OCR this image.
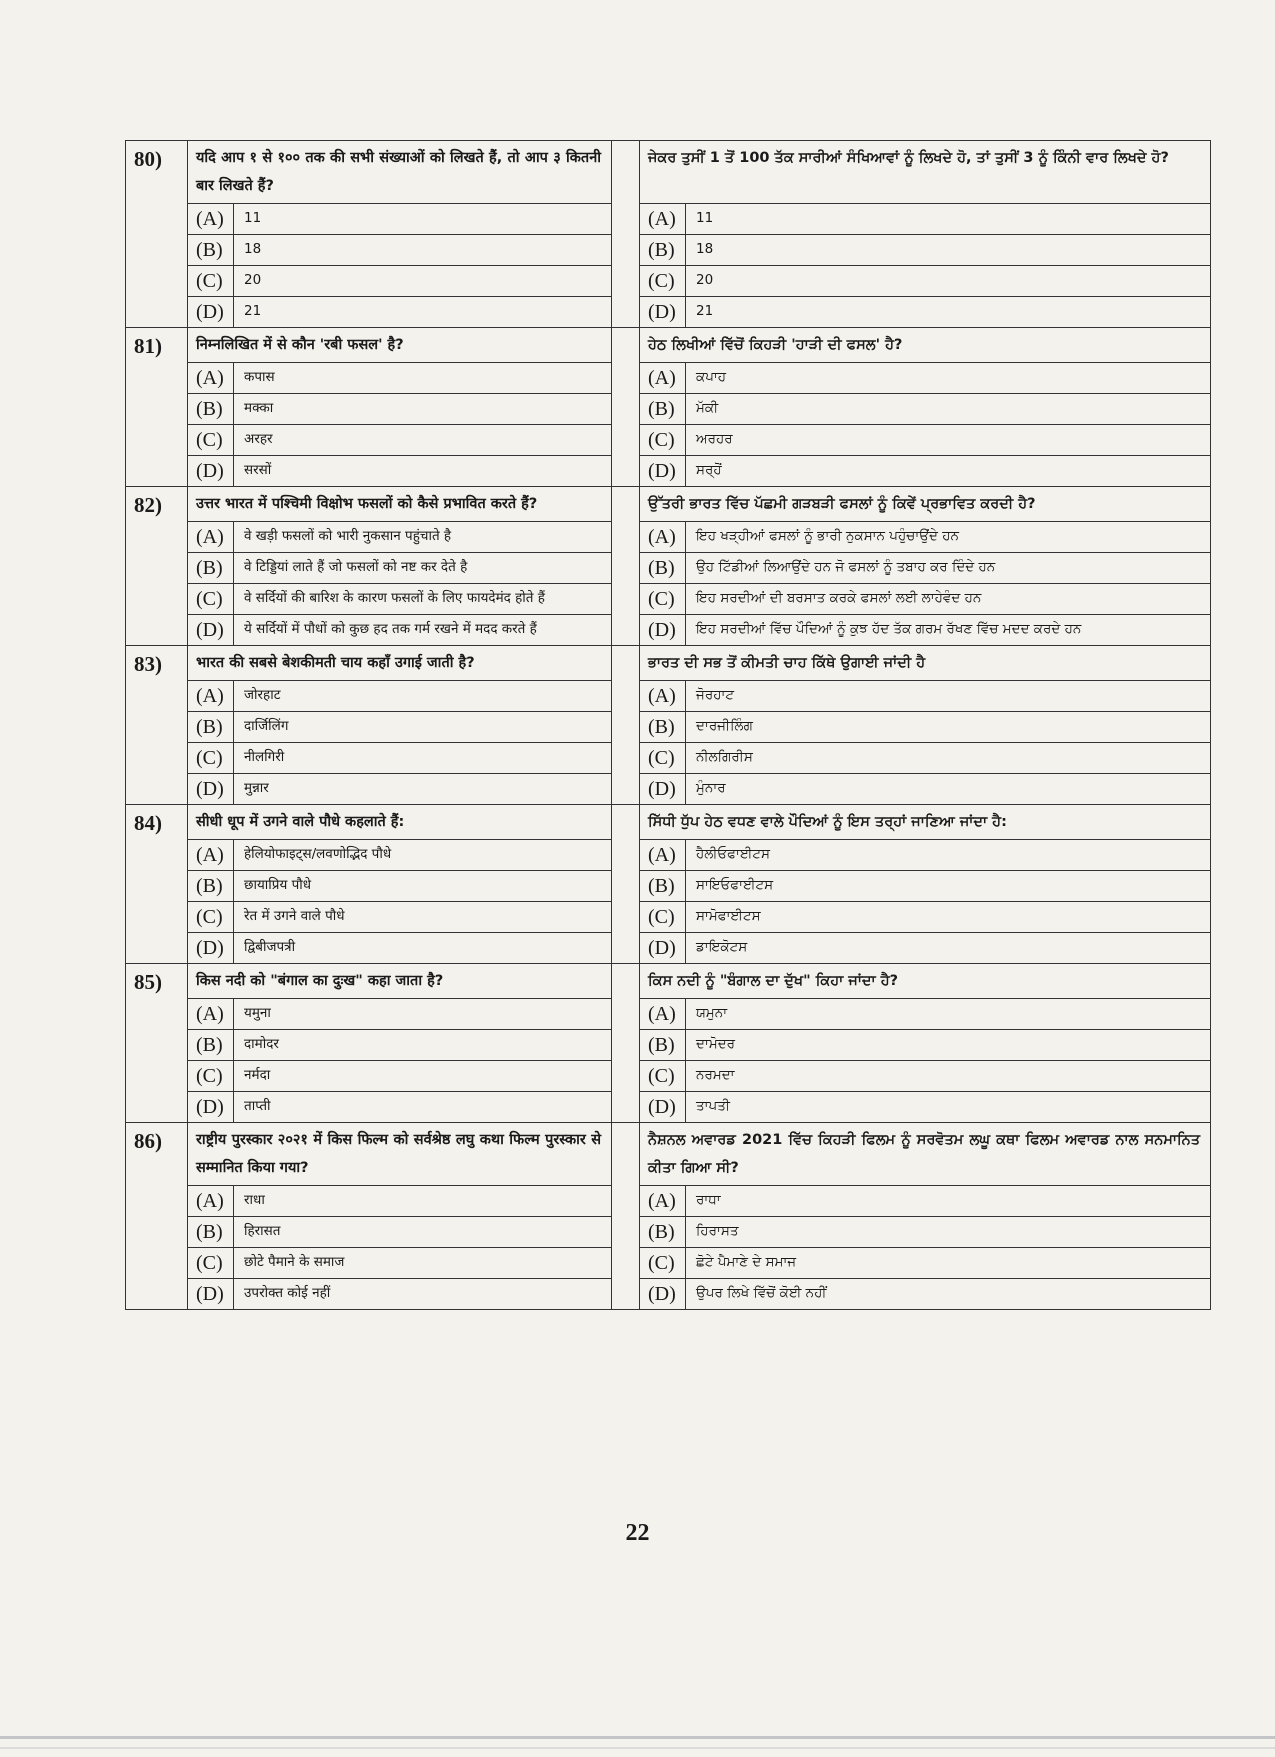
80)	यदि आप १ से १०० तक की सभी संख्याओं को लिखते हैं, तो आप ३ कितनी बार लिखते हैं?			ਜੇਕਰ ਤੁਸੀਂ 1 ਤੋਂ 100 ਤੱਕ ਸਾਰੀਆਂ ਸੰਖਿਆਵਾਂ ਨੂੰ ਲਿਖਦੇ ਹੋ, ਤਾਂ ਤੁਸੀਂ 3 ਨੂੰ ਕਿੰਨੀ ਵਾਰ ਲਿਖਦੇ ਹੋ?	
	(A)	11		(A)	11
	(B)	18		(B)	18
	(C)	20		(C)	20
	(D)	21		(D)	21
81)	निम्नलिखित में से कौन 'रबी फसल' है?			ਹੇਠ ਲਿਖੀਆਂ ਵਿੱਚੋਂ ਕਿਹੜੀ 'ਹਾੜੀ ਦੀ ਫਸਲ' ਹੈ?	
	(A)	कपास		(A)	ਕਪਾਹ
	(B)	मक्का		(B)	ਮੱਕੀ
	(C)	अरहर		(C)	ਅਰਹਰ
	(D)	सरसों		(D)	ਸਰ੍ਹੋਂ
82)	उत्तर भारत में पश्चिमी विक्षोभ फसलों को कैसे प्रभावित करते हैं?			ਉੱਤਰੀ ਭਾਰਤ ਵਿੱਚ ਪੱਛਮੀ ਗੜਬੜੀ ਫਸਲਾਂ ਨੂੰ ਕਿਵੇਂ ਪ੍ਰਭਾਵਿਤ ਕਰਦੀ ਹੈ?	
	(A)	वे खड़ी फसलों को भारी नुकसान पहुंचाते है		(A)	ਇਹ ਖੜ੍ਹੀਆਂ ਫਸਲਾਂ ਨੂੰ ਭਾਰੀ ਨੁਕਸਾਨ ਪਹੁੰਚਾਉਂਦੇ ਹਨ
	(B)	वे टिड्डियां लाते हैं जो फसलों को नष्ट कर देते है		(B)	ਉਹ ਟਿੱਡੀਆਂ ਲਿਆਉਂਦੇ ਹਨ ਜੋ ਫਸਲਾਂ ਨੂੰ ਤਬਾਹ ਕਰ ਦਿੰਦੇ ਹਨ
	(C)	वे सर्दियों की बारिश के कारण फसलों के लिए फायदेमंद होते हैं		(C)	ਇਹ ਸਰਦੀਆਂ ਦੀ ਬਰਸਾਤ ਕਰਕੇ ਫਸਲਾਂ ਲਈ ਲਾਹੇਵੰਦ ਹਨ
	(D)	ये सर्दियों में पौधों को कुछ हद तक गर्म रखने में मदद करते हैं		(D)	ਇਹ ਸਰਦੀਆਂ ਵਿੱਚ ਪੌਦਿਆਂ ਨੂੰ ਕੁਝ ਹੱਦ ਤੱਕ ਗਰਮ ਰੱਖਣ ਵਿੱਚ ਮਦਦ ਕਰਦੇ ਹਨ
83)	भारत की सबसे बेशकीमती चाय कहाँ उगाई जाती है?			ਭਾਰਤ ਦੀ ਸਭ ਤੋਂ ਕੀਮਤੀ ਚਾਹ ਕਿੱਥੇ ਉਗਾਈ ਜਾਂਦੀ ਹੈ	
	(A)	जोरहाट		(A)	ਜੋਰਹਾਟ
	(B)	दार्जिलिंग		(B)	ਦਾਰਜੀਲਿੰਗ
	(C)	नीलगिरी		(C)	ਨੀਲਗਿਰੀਸ
	(D)	मुन्नार		(D)	ਮੁੰਨਾਰ
84)	सीधी धूप में उगने वाले पौधे कहलाते हैं:			ਸਿੱਧੀ ਧੁੱਪ ਹੇਠ ਵਧਣ ਵਾਲੇ ਪੌਦਿਆਂ ਨੂੰ ਇਸ ਤਰ੍ਹਾਂ ਜਾਣਿਆ ਜਾਂਦਾ ਹੈ:	
	(A)	हेलियोफाइट्स/लवणोद्भिद पौधे		(A)	ਹੈਲੀਓਫਾਈਟਸ
	(B)	छायाप्रिय पौधे		(B)	ਸਾਇਓਫਾਈਟਸ
	(C)	रेत में उगने वाले पौधे		(C)	ਸਾਮੋਫਾਈਟਸ
	(D)	द्विबीजपत्री		(D)	ਡਾਇਕੋਟਸ
85)	किस नदी को "बंगाल का दुःख" कहा जाता है?			ਕਿਸ ਨਦੀ ਨੂੰ "ਬੰਗਾਲ ਦਾ ਦੁੱਖ" ਕਿਹਾ ਜਾਂਦਾ ਹੈ?	
	(A)	यमुना		(A)	ਯਮੁਨਾ
	(B)	दामोदर		(B)	ਦਾਮੋਦਰ
	(C)	नर्मदा		(C)	ਨਰਮਦਾ
	(D)	ताप्ती		(D)	ਤਾਪਤੀ
86)	राष्ट्रीय पुरस्कार २०२१ में किस फिल्म को सर्वश्रेष्ठ लघु कथा फिल्म पुरस्कार से सम्मानित किया गया?			ਨੈਸ਼ਨਲ ਅਵਾਰਡ 2021 ਵਿੱਚ ਕਿਹੜੀ ਫਿਲਮ ਨੂੰ ਸਰਵੋਤਮ ਲਘੂ ਕਥਾ ਫਿਲਮ ਅਵਾਰਡ ਨਾਲ ਸਨਮਾਨਿਤ ਕੀਤਾ ਗਿਆ ਸੀ?	
	(A)	राधा		(A)	ਰਾਧਾ
	(B)	हिरासत		(B)	ਹਿਰਾਸਤ
	(C)	छोटे पैमाने के समाज		(C)	ਛੋਟੇ ਪੈਮਾਣੇ ਦੇ ਸਮਾਜ
	(D)	उपरोक्त कोई नहीं		(D)	ਉਪਰ ਲਿਖੇ ਵਿੱਚੋਂ ਕੋਈ ਨਹੀਂ
22
